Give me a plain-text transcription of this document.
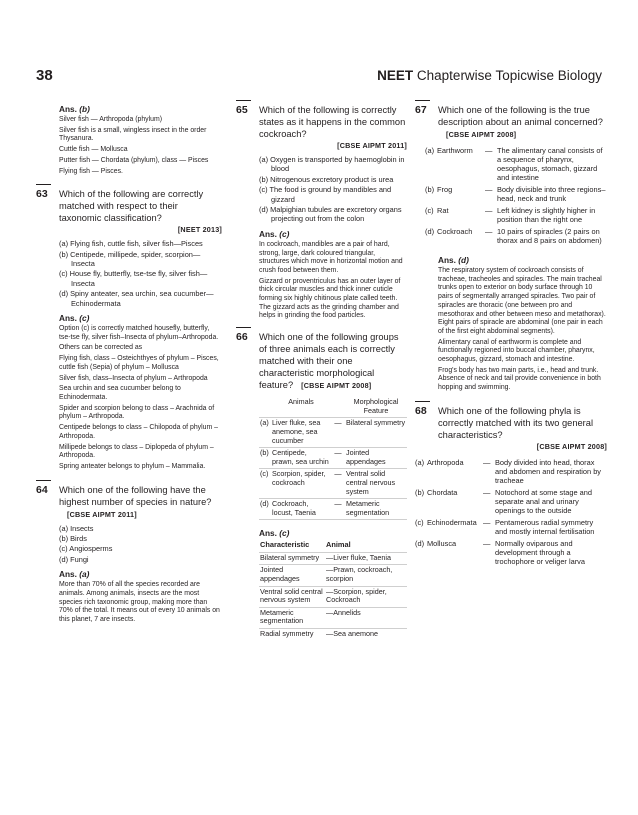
38	NEET Chapterwise Topicwise Biology
Ans. (b)

Silver fish — Arthropoda (phylum)

Silver fish is a small, wingless insect in the order Thysanura.

Cuttle fish — Mollusca

Putter fish — Chordata (phylum), class — Pisces

Flying fish — Pisces.

63 Which of the following are correctly matched with respect to their taxonomic classification?
[NEET 2013]
(a) Flying fish, cuttle fish, silver fish—Pisces
(b) Centipede, millipede, spider, scorpion—Insecta
(c) House fly, butterfly, tse-tse fly, silver fish—Insecta
(d) Spiny anteater, sea urchin, sea cucumber—Echinodermata
Ans. (c)

Option (c) is correctly matched housefly, butterfly, tse-tse fly, silver fish–Insecta of phylum–Arthropoda.

Others can be corrected as

Flying fish, class – Osteichthyes of phylum – Pisces, cuttle fish (Sepia) of phylum – Mollusca

Silver fish, class–Insecta of phylum – Arthropoda

Sea urchin and sea cucumber belong to Echinodermata.

Spider and scorpion belong to class – Arachnida of phylum – Arthropoda.

Centipede belongs to class – Chilopoda of phylum – Arthropoda.

Millipede belongs to class – Diplopeda of phylum – Arthropoda.

Spring anteater belongs to phylum – Mammalia.

64 Which one of the following have the highest number of species in nature?[CBSE AIPMT 2011]
(a) Insects
(b) Birds
(c) Angiosperms
(d) Fungi
Ans. (a)

More than 70% of all the species recorded are animals. Among animals, insects are the most species rich taxonomic group, making more than 70% of the total. It means out of every 10 animals on this planet, 7 are insects.

65 Which of the following is correctly states as it happens in the common cockroach?
[CBSE AIPMT 2011]
(a) Oxygen is transported by haemoglobin in blood
(b) Nitrogenous excretory product is urea
(c) The food is ground by mandibles and gizzard
(d) Malpighian tubules are excretory organs projecting out from the colon
Ans. (c)

In cockroach, mandibles are a pair of hard, strong, large, dark coloured triangular, structures which move in horizontal motion and crush food between them.

Gizzard or proventriculus has an outer layer of thick circular muscles and thick inner cuticle forming six highly chitinous plate called teeth. The gizzard acts as the grinding chamber and helps in grinding the food particles.

66 Which one of the following groups of three animals each is correctly matched with their one characteristic morphological feature? [CBSE AIPMT 2008]
	Animals		Morphological Feature
(a)	Liver fluke, sea anemone, sea cucumber	—	Bilateral symmetry
(b)	Centipede, prawn, sea urchin	—	Jointed appendages
(c)	Scorpion, spider, cockroach	—	Ventral solid central nervous system
(d)	Cockroach, locust, Taenia	—	Metameric segmentation
Ans. (c)
Characteristic	Animal
Bilateral symmetry	—Liver fluke, Taenia
Jointed appendages	—Prawn, cockroach, scorpion
Ventral solid central nervous system	—Scorpion, spider, Cockroach
Metameric segmentation	—Annelids
Radial symmetry	—Sea anemone
67 Which one of the following is the true description about an animal concerned?[CBSE AIPMT 2008]
(a)	Earthworm	—	The alimentary canal consists of a sequence of pharynx, oesophagus, stomach, gizzard and intestine
(b)	Frog	—	Body divisible into three regions– head, neck and trunk
(c)	Rat	—	Left kidney is slightly higher in position than the right one
(d)	Cockroach	—	10 pairs of spiracles (2 pairs on thorax and 8 pairs on abdomen)
Ans. (d)

The respiratory system of cockroach consists of tracheae, tracheoles and spiracles. The main tracheal trunks open to exterior on body surface through 10 pairs of segmentally arranged spiracles. Two pair of spiracles are thoracic (one between pro and mesothorax and other between meso and metathorax). Eight pairs of spiracle are abdominal (one pair in each of the first eight abdominal segments).

Alimentary canal of earthworm is complete and functionally regioned into buccal chamber, pharynx, oesophagus, gizzard, stomach and intestine.

Frog's body has two main parts, i.e., head and trunk. Absence of neck and tail provide convenience in both hopping and swimming.

68 Which one of the following phyla is correctly matched with its two general characteristics?
[CBSE AIPMT 2008]
(a)	Arthropoda	—	Body divided into head, thorax and abdomen and respiration by tracheae
(b)	Chordata	—	Notochord at some stage and separate anal and urinary openings to the outside
(c)	Echinodermata	—	Pentamerous radial symmetry and mostly internal fertilisation
(d)	Mollusca	—	Normally oviparous and development through a trochophore or veliger larva
